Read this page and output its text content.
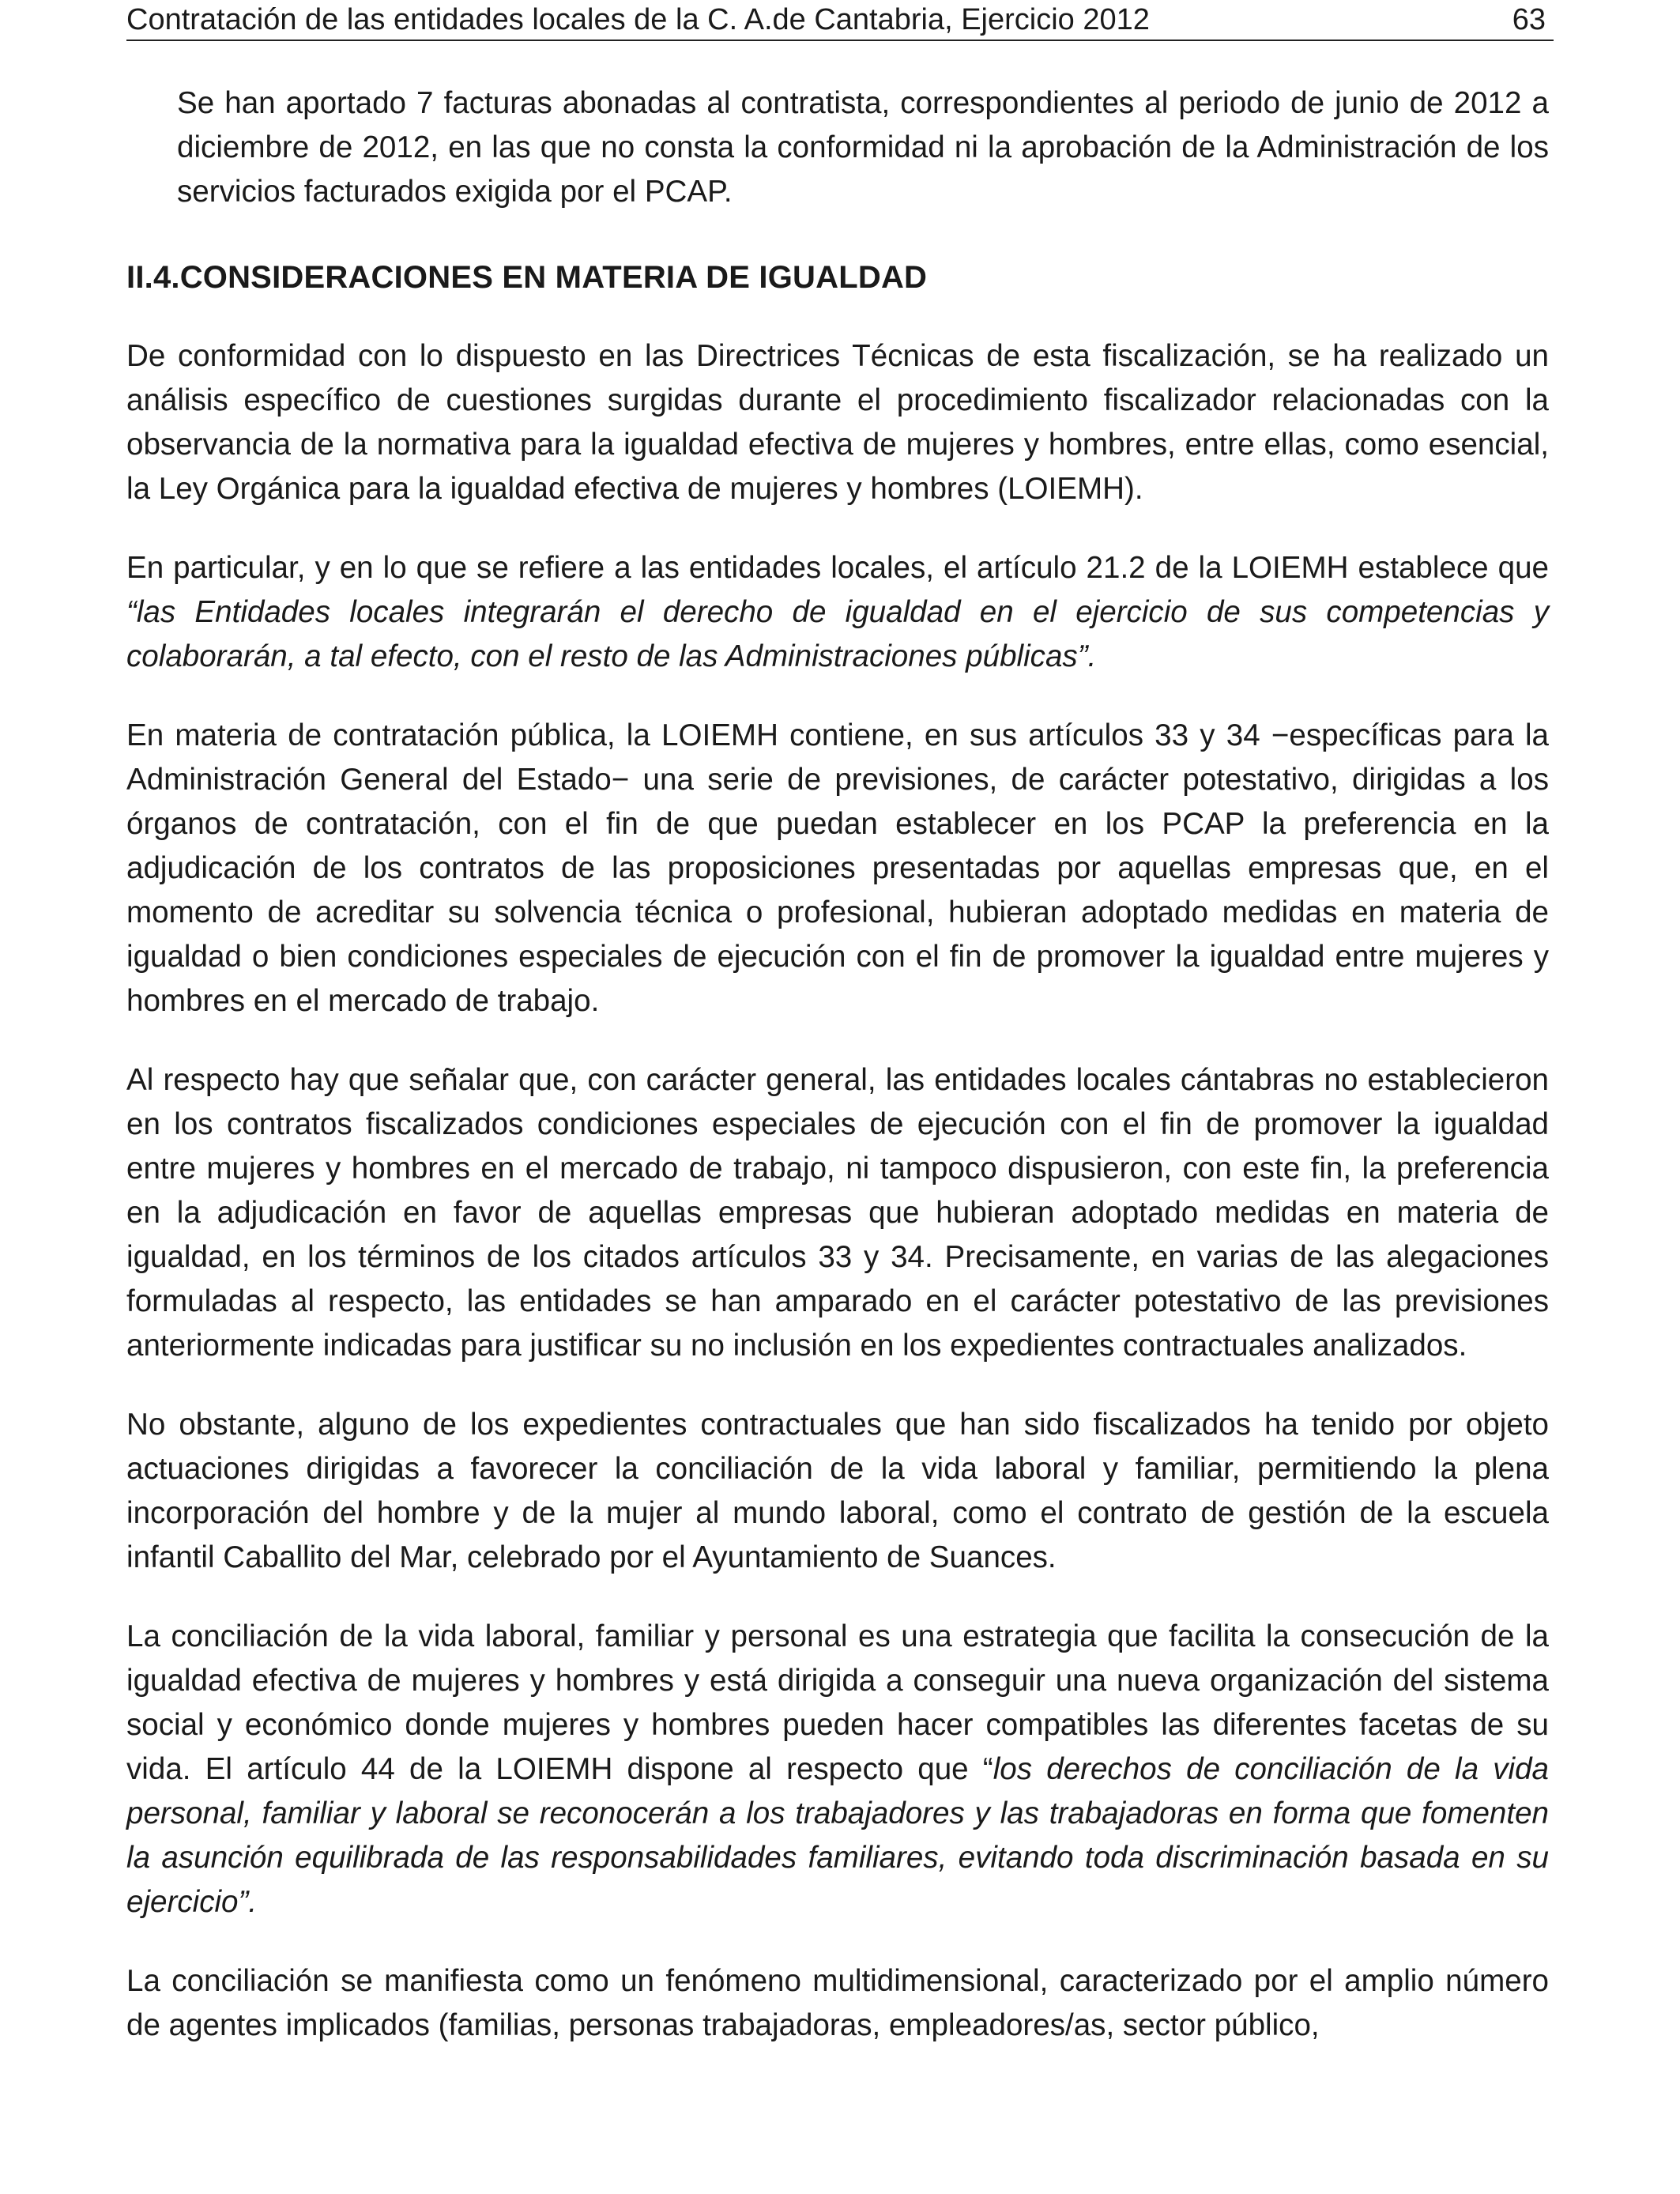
Contratación de las entidades locales de la C. A.de Cantabria, Ejercicio 2012	63

Se han aportado 7 facturas abonadas al contratista, correspondientes al periodo de junio de 2012 a diciembre de 2012, en las que no consta la conformidad ni la aprobación de la Administración de los servicios facturados exigida por el PCAP.

II.4.CONSIDERACIONES EN MATERIA DE IGUALDAD

De conformidad con lo dispuesto en las Directrices Técnicas de esta fiscalización, se ha realizado un análisis específico de cuestiones surgidas durante el procedimiento fiscalizador relacionadas con la observancia de la normativa para la igualdad efectiva de mujeres y hombres, entre ellas, como esencial, la Ley Orgánica para la igualdad efectiva de mujeres y hombres (LOIEMH).

En particular, y en lo que se refiere a las entidades locales, el artículo 21.2 de la LOIEMH establece que “las Entidades locales integrarán el derecho de igualdad en el ejercicio de sus competencias y colaborarán, a tal efecto, con el resto de las Administraciones públicas”.

En materia de contratación pública, la LOIEMH contiene, en sus artículos 33 y 34 −específicas para la Administración General del Estado− una serie de previsiones, de carácter potestativo, dirigidas a los órganos de contratación, con el fin de que puedan establecer en los PCAP la preferencia en la adjudicación de los contratos de las proposiciones presentadas por aquellas empresas que, en el momento de acreditar su solvencia técnica o profesional, hubieran adoptado medidas en materia de igualdad o bien condiciones especiales de ejecución con el fin de promover la igualdad entre mujeres y hombres en el mercado de trabajo.

Al respecto hay que señalar que, con carácter general, las entidades locales cántabras no establecieron en los contratos fiscalizados condiciones especiales de ejecución con el fin de promover la igualdad entre mujeres y hombres en el mercado de trabajo, ni tampoco dispusieron, con este fin, la preferencia en la adjudicación en favor de aquellas empresas que hubieran adoptado medidas en materia de igualdad, en los términos de los citados artículos 33 y 34. Precisamente, en varias de las alegaciones formuladas al respecto, las entidades se han amparado en el carácter potestativo de las previsiones anteriormente indicadas para justificar su no inclusión en los expedientes contractuales analizados.

No obstante, alguno de los expedientes contractuales que han sido fiscalizados ha tenido por objeto actuaciones dirigidas a favorecer la conciliación de la vida laboral y familiar, permitiendo la plena incorporación del hombre y de la mujer al mundo laboral, como el contrato de gestión de la escuela infantil Caballito del Mar, celebrado por el Ayuntamiento de Suances.

La conciliación de la vida laboral, familiar y personal es una estrategia que facilita la consecución de la igualdad efectiva de mujeres y hombres y está dirigida a conseguir una nueva organización del sistema social y económico donde mujeres y hombres pueden hacer compatibles las diferentes facetas de su vida. El artículo 44 de la LOIEMH dispone al respecto que “los derechos de conciliación de la vida personal, familiar y laboral se reconocerán a los trabajadores y las trabajadoras en forma que fomenten la asunción equilibrada de las responsabilidades familiares, evitando toda discriminación basada en su ejercicio”.

La conciliación se manifiesta como un fenómeno multidimensional, caracterizado por el amplio número de agentes implicados (familias, personas trabajadoras, empleadores/as, sector público,
